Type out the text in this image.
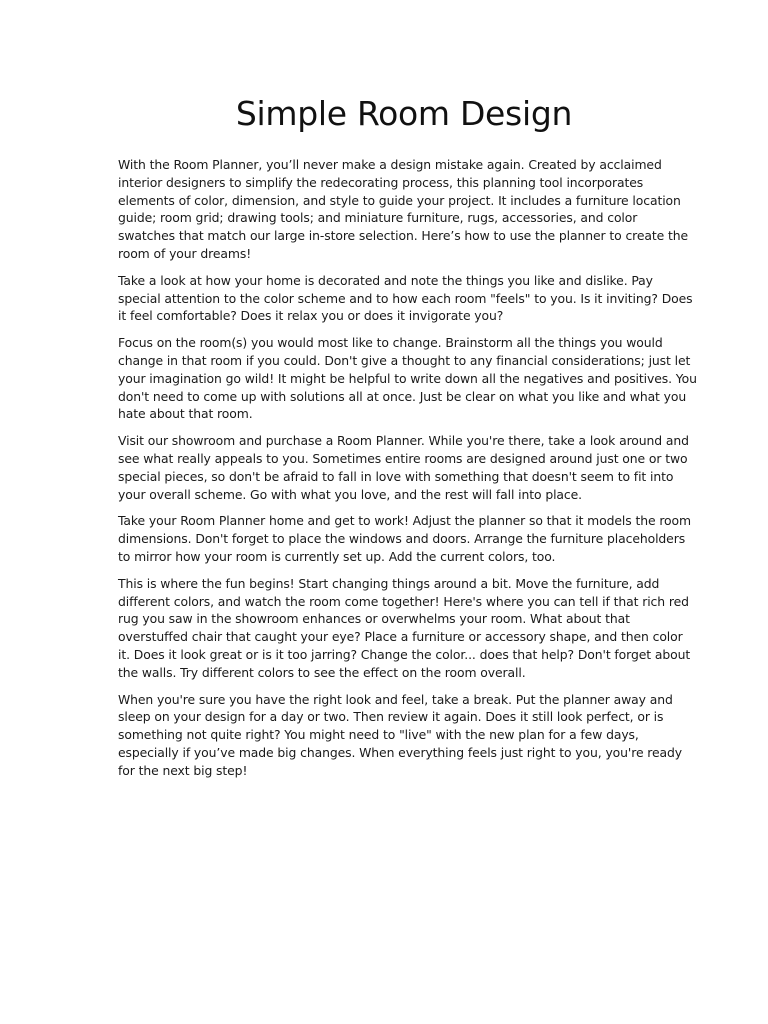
Simple Room Design

With the Room Planner, you’ll never make a design mistake again. Created by acclaimed interior designers to simplify the redecorating process, this planning tool incorporates elements of color, dimension, and style to guide your project. It includes a furniture location guide; room grid; drawing tools; and miniature furniture, rugs, accessories, and color swatches that match our large in-store selection. Here’s how to use the planner to create the room of your dreams!

Take a look at how your home is decorated and note the things you like and dislike. Pay special attention to the color scheme and to how each room "feels" to you. Is it inviting? Does it feel comfortable? Does it relax you or does it invigorate you?

Focus on the room(s) you would most like to change. Brainstorm all the things you would change in that room if you could. Don't give a thought to any financial considerations; just let your imagination go wild! It might be helpful to write down all the negatives and positives. You don't need to come up with solutions all at once. Just be clear on what you like and what you hate about that room.

Visit our showroom and purchase a Room Planner. While you're there, take a look around and see what really appeals to you. Sometimes entire rooms are designed around just one or two special pieces, so don't be afraid to fall in love with something that doesn't seem to fit into your overall scheme. Go with what you love, and the rest will fall into place.

Take your Room Planner home and get to work! Adjust the planner so that it models the room dimensions. Don't forget to place the windows and doors. Arrange the furniture placeholders to mirror how your room is currently set up. Add the current colors, too.

This is where the fun begins! Start changing things around a bit. Move the furniture, add different colors, and watch the room come together! Here's where you can tell if that rich red rug you saw in the showroom enhances or overwhelms your room. What about that overstuffed chair that caught your eye? Place a furniture or accessory shape, and then color it. Does it look great or is it too jarring? Change the color... does that help? Don't forget about the walls. Try different colors to see the effect on the room overall.

When you're sure you have the right look and feel, take a break. Put the planner away and sleep on your design for a day or two. Then review it again. Does it still look perfect, or is something not quite right? You might need to "live" with the new plan for a few days, especially if you’ve made big changes. When everything feels just right to you, you're ready for the next big step!
